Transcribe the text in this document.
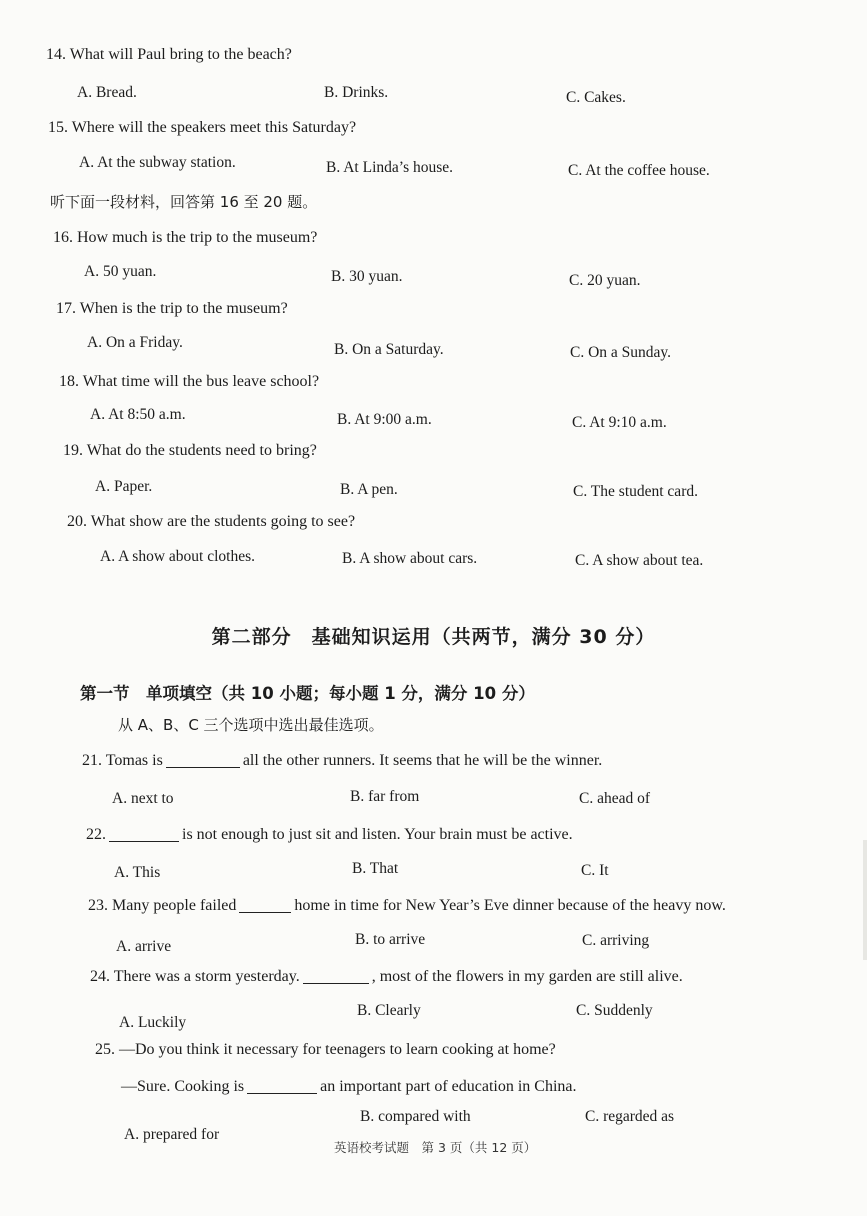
14. What will Paul bring to the beach?
A. Bread.	B. Drinks.	C. Cakes.
15. Where will the speakers meet this Saturday?
A. At the subway station.	B. At Linda’s house.	C. At the coffee house.
听下面一段材料，回答第 16 至 20 题。
16. How much is the trip to the museum?
A. 50 yuan.	B. 30 yuan.	C. 20 yuan.
17. When is the trip to the museum?
A. On a Friday.	B. On a Saturday.	C. On a Sunday.
18. What time will the bus leave school?
A. At 8:50 a.m.	B. At 9:00 a.m.	C. At 9:10 a.m.
19. What do the students need to bring?
A. Paper.	B. A pen.	C. The student card.
20. What show are the students going to see?
A. A show about clothes.	B. A show about cars.	C. A show about tea.
第二部分　基础知识运用（共两节，满分 30 分）
第一节　单项填空（共 10 小题；每小题 1 分，满分 10 分）
从 A、B、C 三个选项中选出最佳选项。
21. Tomas is	all the other runners. It seems that he will be the winner.
A. next to	B. far from	C. ahead of
22.	is not enough to just sit and listen. Your brain must be active.
A. This	B. That	C. It
23. Many people failed	home in time for New Year’s Eve dinner because of the heavy now.
A. arrive	B. to arrive	C. arriving
24. There was a storm yesterday.	, most of the flowers in my garden are still alive.
A. Luckily
B. Clearly	C. Suddenly
25. —Do you think it necessary for teenagers to learn cooking at home?
—Sure. Cooking is	an important part of education in China.
A. prepared for
B. compared with	C. regarded as
英语校考试题　第 3 页（共 12 页）
